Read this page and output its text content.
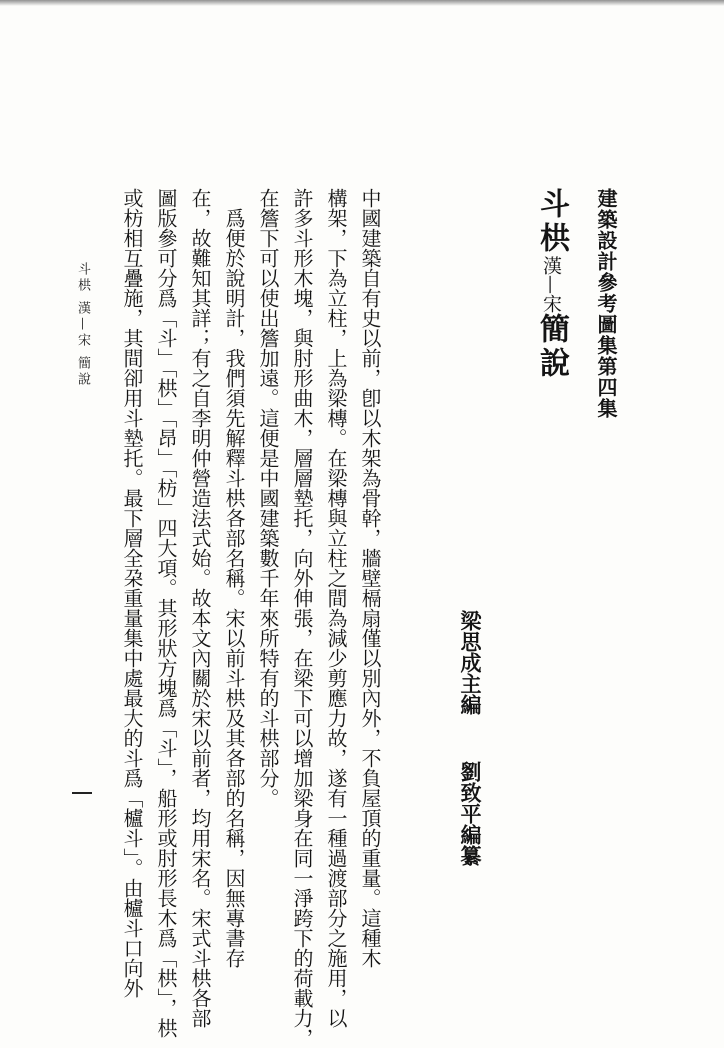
建築設計參考圖集第四集
斗栱漢—宋簡說
梁思成主編劉致平編纂
中國建築自有史以前，卽以木架為骨幹，牆壁槅扇僅以別內外，不負屋頂的重量。這種木
構架，下為立柱，上為梁槫。在梁槫與立柱之間為減少剪應力故，遂有一種過渡部分之施用，以
許多斗形木塊，與肘形曲木，層層墊托，向外伸張，在梁下可以增加梁身在同一淨跨下的荷載力，
在簷下可以使出簷加遠。這便是中國建築數千年來所特有的斗栱部分。
　爲便於說明計，我們須先解釋斗栱各部名稱。宋以前斗栱及其各部的名稱，因無專書存
在，故難知其詳；有之自李明仲營造法式始。故本文內關於宋以前者，均用宋名。宋式斗栱各部
圖版參可分爲「斗」「栱」「昂」「枋」四大項。其形狀方塊爲「斗」，船形或肘形長木爲「栱」，栱
或枋相互疊施，其間卻用斗墊托。最下層全朶重量集中處最大的斗爲「櫨斗」。由櫨斗口向外
斗栱 漢—宋 簡說
